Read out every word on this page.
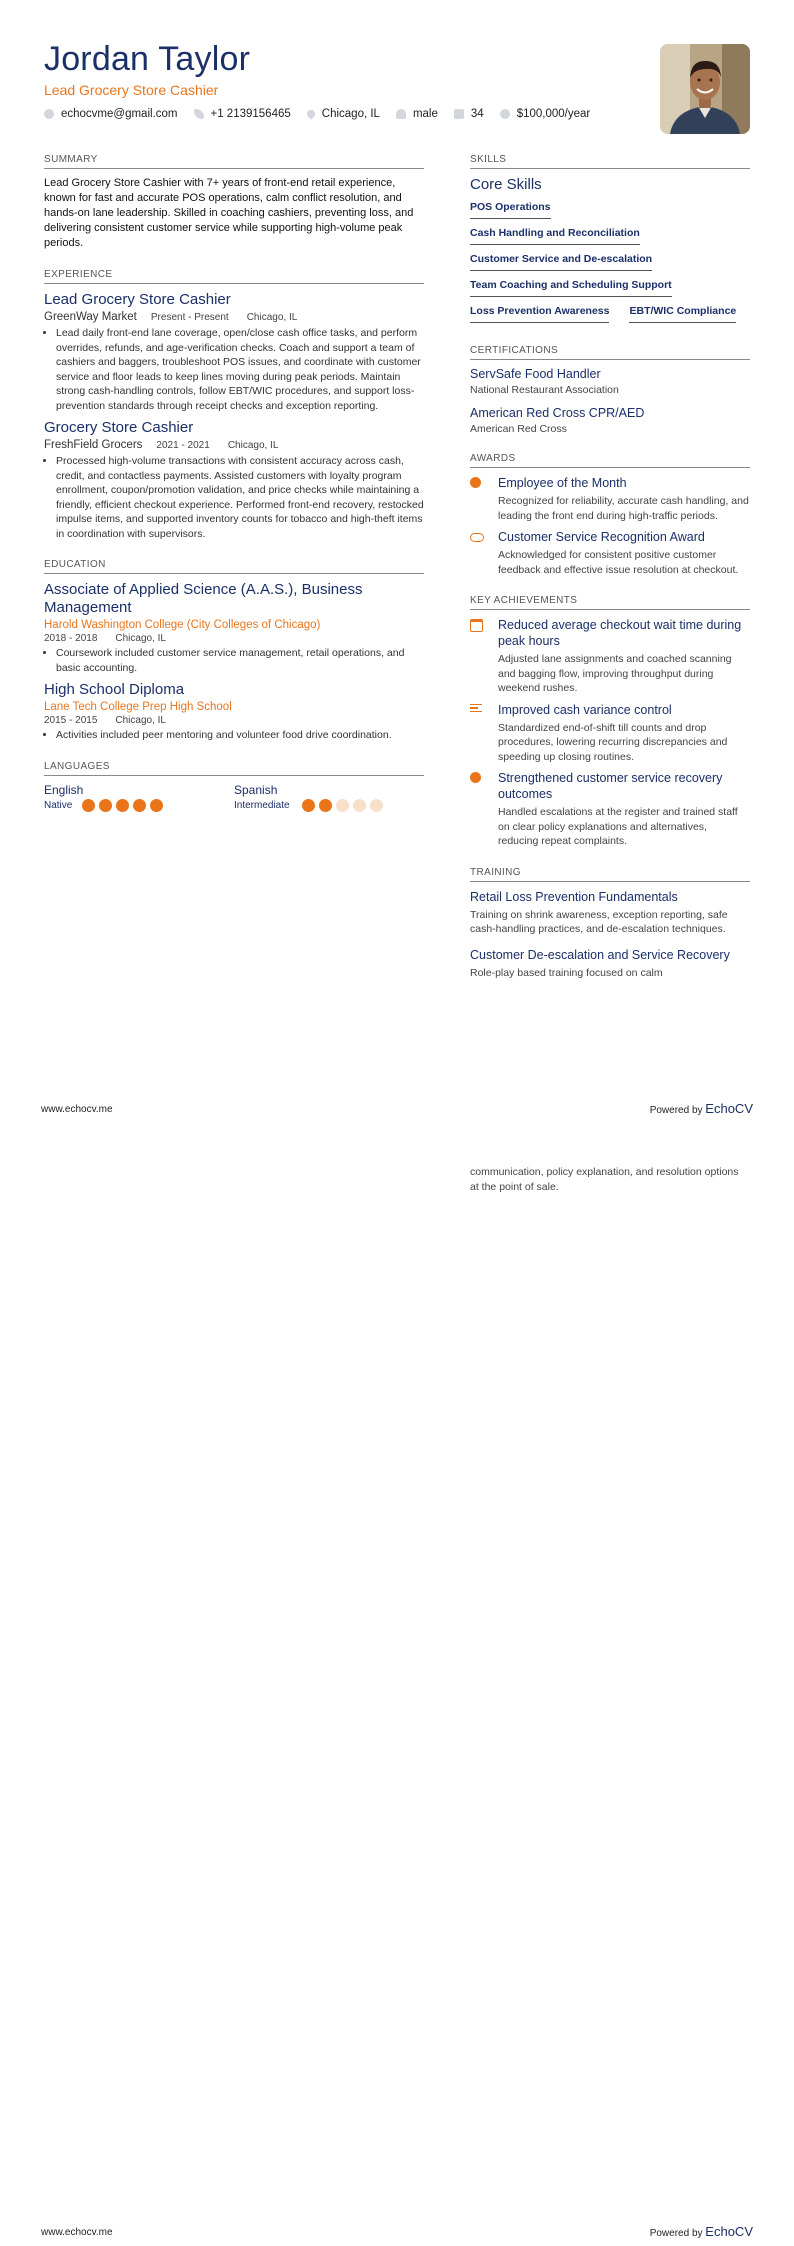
Jordan Taylor
Lead Grocery Store Cashier
echocvme@gmail.com	+1 2139156465	Chicago, IL	male	34	$100,000/year
SUMMARY
Lead Grocery Store Cashier with 7+ years of front-end retail experience, known for fast and accurate POS operations, calm conflict resolution, and hands-on lane leadership. Skilled in coaching cashiers, preventing loss, and delivering consistent customer service while supporting high-volume peak periods.
EXPERIENCE
Lead Grocery Store Cashier
GreenWay Market Present - Present Chicago, IL
• Lead daily front-end lane coverage, open/close cash office tasks, and perform overrides, refunds, and age-verification checks. Coach and support a team of cashiers and baggers, troubleshoot POS issues, and coordinate with customer service and floor leads to keep lines moving during peak periods. Maintain strong cash-handling controls, follow EBT/WIC procedures, and support loss-prevention standards through receipt checks and exception reporting.
Grocery Store Cashier
FreshField Grocers 2021 - 2021 Chicago, IL
• Processed high-volume transactions with consistent accuracy across cash, credit, and contactless payments. Assisted customers with loyalty program enrollment, coupon/promotion validation, and price checks while maintaining a friendly, efficient checkout experience. Performed front-end recovery, restocked impulse items, and supported inventory counts for tobacco and high-theft items in coordination with supervisors.
EDUCATION
Associate of Applied Science (A.A.S.), Business Management
Harold Washington College (City Colleges of Chicago)
2018 - 2018 Chicago, IL
• Coursework included customer service management, retail operations, and basic accounting.
High School Diploma
Lane Tech College Prep High School
2015 - 2015 Chicago, IL
• Activities included peer mentoring and volunteer food drive coordination.
LANGUAGES
English
Native
Spanish
Intermediate
SKILLS
Core Skills
POS Operations
Cash Handling and Reconciliation
Customer Service and De-escalation
Team Coaching and Scheduling Support
Loss Prevention Awareness EBT/WIC Compliance
CERTIFICATIONS
ServSafe Food Handler
National Restaurant Association
American Red Cross CPR/AED
American Red Cross
AWARDS
Employee of the Month
Recognized for reliability, accurate cash handling, and leading the front end during high-traffic periods.
Customer Service Recognition Award
Acknowledged for consistent positive customer feedback and effective issue resolution at checkout.
KEY ACHIEVEMENTS
Reduced average checkout wait time during peak hours
Adjusted lane assignments and coached scanning and bagging flow, improving throughput during weekend rushes.
Improved cash variance control
Standardized end-of-shift till counts and drop procedures, lowering recurring discrepancies and speeding up closing routines.
Strengthened customer service recovery outcomes
Handled escalations at the register and trained staff on clear policy explanations and alternatives, reducing repeat complaints.
TRAINING
Retail Loss Prevention Fundamentals
Training on shrink awareness, exception reporting, safe cash-handling practices, and de-escalation techniques.
Customer De-escalation and Service Recovery
Role-play based training focused on calm
www.echocv.me	Powered by EchoCV
communication, policy explanation, and resolution options at the point of sale.
www.echocv.me	Powered by EchoCV
